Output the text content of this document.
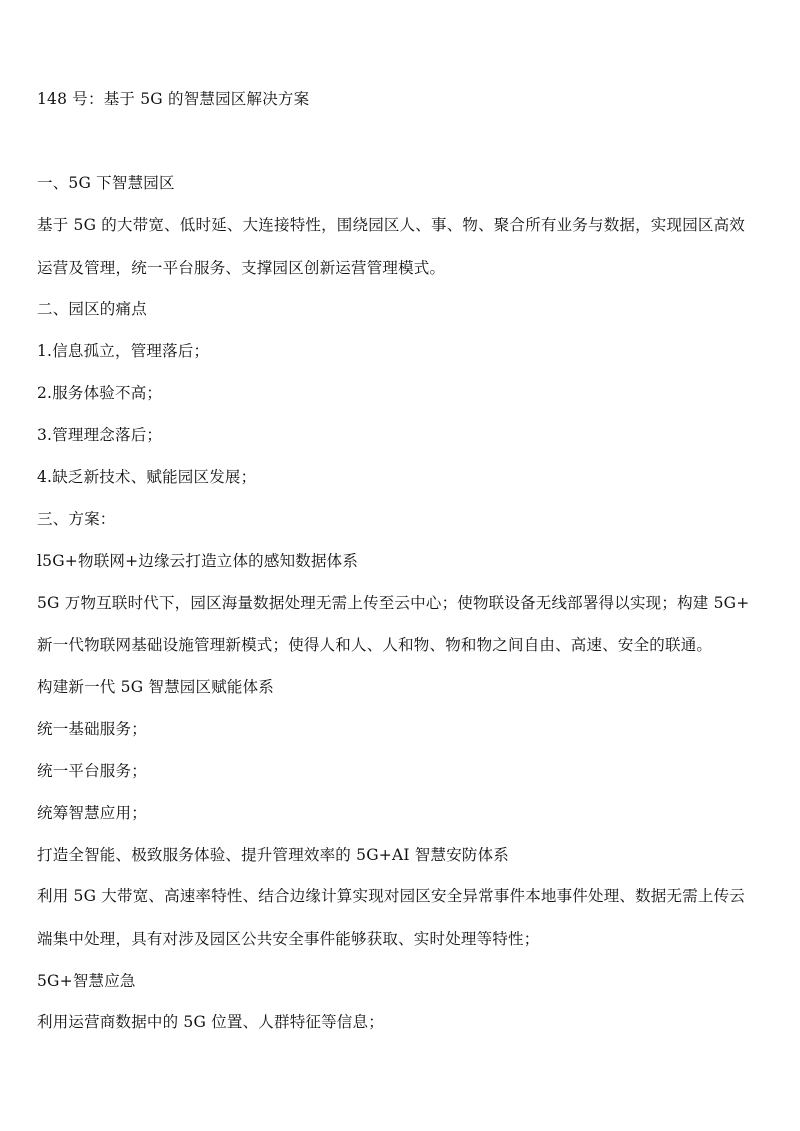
148 号：基于 5G 的智慧园区解决方案

一、5G 下智慧园区

基于 5G 的大带宽、低时延、大连接特性，围绕园区人、事、物、聚合所有业务与数据，实现园区高效

运营及管理，统一平台服务、支撑园区创新运营管理模式。

二、园区的痛点

1.信息孤立，管理落后；

2.服务体验不高；

3.管理理念落后；

4.缺乏新技术、赋能园区发展；

三、方案：

l5G+物联网+边缘云打造立体的感知数据体系

5G 万物互联时代下，园区海量数据处理无需上传至云中心；使物联设备无线部署得以实现；构建 5G+

新一代物联网基础设施管理新模式；使得人和人、人和物、物和物之间自由、高速、安全的联通。

构建新一代 5G 智慧园区赋能体系

统一基础服务；

统一平台服务；

统筹智慧应用；

打造全智能、极致服务体验、提升管理效率的 5G+AI 智慧安防体系

利用 5G 大带宽、高速率特性、结合边缘计算实现对园区安全异常事件本地事件处理、数据无需上传云

端集中处理，具有对涉及园区公共安全事件能够获取、实时处理等特性；

5G+智慧应急

利用运营商数据中的 5G 位置、人群特征等信息；
